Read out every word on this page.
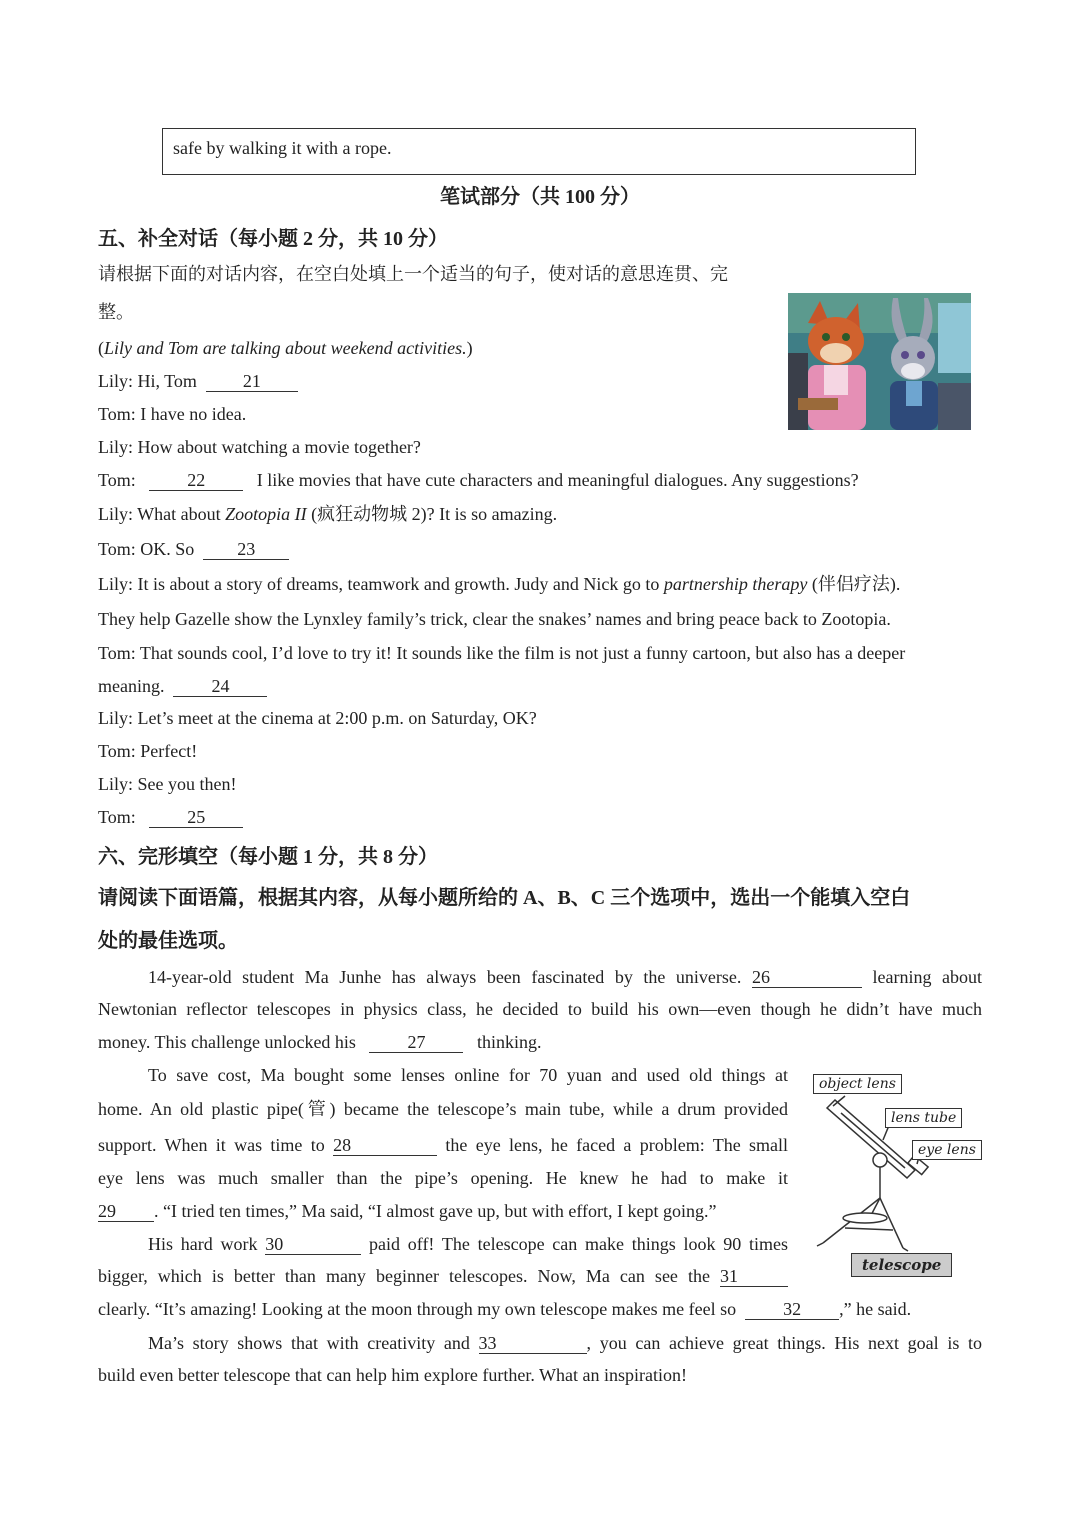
safe by walking it with a rope.
笔试部分（共 100 分）
五、补全对话（每小题 2 分，共 10 分）
请根据下面的对话内容，在空白处填上一个适当的句子，使对话的意思连贯、完
整。
(Lily and Tom are talking about weekend activities.)
Lily: Hi, Tom	21
Tom: I have no idea.
Lily: How about watching a movie together?
Tom:	22	I like movies that have cute characters and meaningful dialogues. Any suggestions?
Lily: What about Zootopia II (疯狂动物城 2)? It is so amazing.
Tom: OK. So 23
Lily: It is about a story of dreams, teamwork and growth. Judy and Nick go to partnership therapy (伴侣疗法).
They help Gazelle show the Lynxley family’s trick, clear the snakes’ names and bring peace back to Zootopia.
Tom: That sounds cool, I’d love to try it! It sounds like the film is not just a funny cartoon, but also has a deeper
meaning.	24
Lily: Let’s meet at the cinema at 2:00 p.m. on Saturday, OK?
Tom: Perfect!
Lily: See you then!
Tom:	25
六、完形填空（每小题 1 分，共 8 分）
请阅读下面语篇，根据其内容，从每小题所给的 A、B、C 三个选项中，选出一个能填入空白
处的最佳选项。
14-year-old student Ma Junhe has always been fascinated by the universe. 26	learning about
Newtonian reflector telescopes in physics class, he decided to build his own—even though he didn’t have much
money. This challenge unlocked his	27	thinking.
To save cost, Ma bought some lenses online for 70 yuan and used old things at
home. An old plastic pipe(管) became the telescope’s main tube, while a drum provided
support. When it was time to 28	the eye lens, he faced a problem: The small
eye lens was much smaller than the pipe’s opening. He knew he had to make it
29 . “I tried ten times,” Ma said, “I almost gave up, but with effort, I kept going.”
His hard work 30	paid off! The telescope can make things look 90 times
bigger, which is better than many beginner telescopes. Now, Ma can see the 31
clearly. “It’s amazing! Looking at the moon through my own telescope makes me feel so	32 ,” he said.
Ma’s story shows that with creativity and 33	, you can achieve great things. His next goal is to
build even better telescope that can help him explore further. What an inspiration!
object lens
lens tube
eye lens
telescope
